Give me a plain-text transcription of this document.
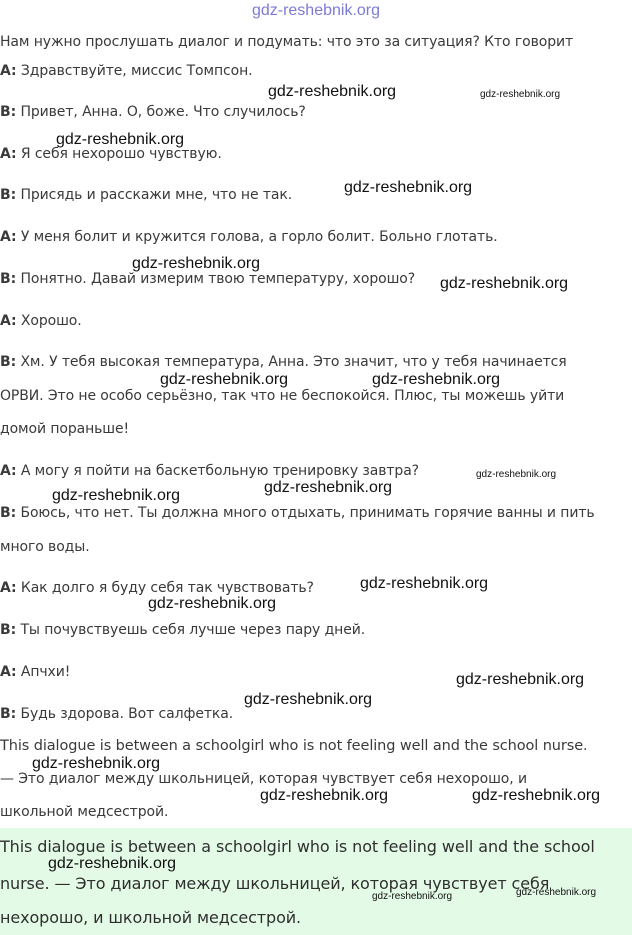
gdz-reshebnik.org
Нам нужно прослушать диалог и подумать: что это за ситуация? Кто говорит
A: Здравствуйте, миссис Томпсон.
B: Привет, Анна. О, боже. Что случилось?
A: Я себя нехорошо чувствую.
B: Присядь и расскажи мне, что не так.
A: У меня болит и кружится голова, а горло болит. Больно глотать.
B: Понятно. Давай измерим твою температуру, хорошо?
A: Хорошо.
B: Хм. У тебя высокая температура, Анна. Это значит, что у тебя начинается
ОРВИ. Это не особо серьёзно, так что не беспокойся. Плюс, ты можешь уйти
домой пораньше!
A: А могу я пойти на баскетбольную тренировку завтра?
B: Боюсь, что нет. Ты должна много отдыхать, принимать горячие ванны и пить
много воды.
A: Как долго я буду себя так чувствовать?
B: Ты почувствуешь себя лучше через пару дней.
A: Апчхи!
B: Будь здорова. Вот салфетка.
This dialogue is between a schoolgirl who is not feeling well and the school nurse.
— Это диалог между школьницей, которая чувствует себя нехорошо, и
школьной медсестрой.
This dialogue is between a schoolgirl who is not feeling well and the school
nurse. — Это диалог между школьницей, которая чувствует себя
нехорошо, и школьной медсестрой.
gdz-reshebnik.org	gdz-reshebnik.org
gdz-reshebnik.org
gdz-reshebnik.org
gdz-reshebnik.org
gdz-reshebnik.org
gdz-reshebnik.org	gdz-reshebnik.org
gdz-reshebnik.org
gdz-reshebnik.org
gdz-reshebnik.org
gdz-reshebnik.org
gdz-reshebnik.org
gdz-reshebnik.org
gdz-reshebnik.org
gdz-reshebnik.org
gdz-reshebnik.org	gdz-reshebnik.org
gdz-reshebnik.org
gdz-reshebnik.org
gdz-reshebnik.org
